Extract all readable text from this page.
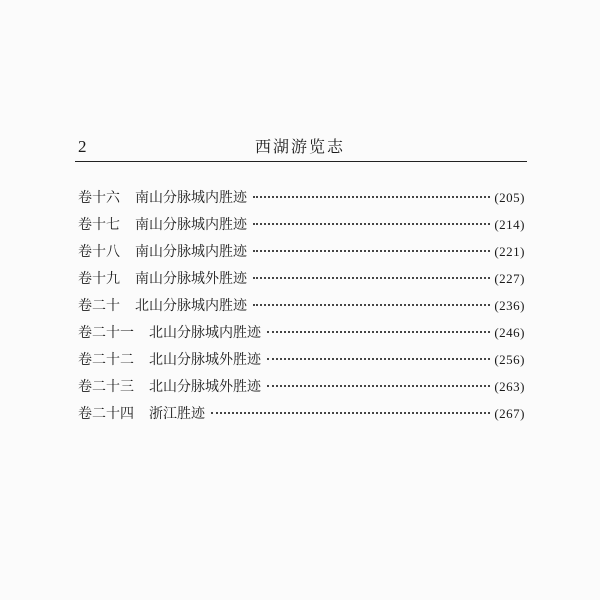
2	西湖游览志
卷十六 南山分脉城内胜迹	(205)
卷十七 南山分脉城内胜迹	(214)
卷十八 南山分脉城内胜迹	(221)
卷十九 南山分脉城外胜迹	(227)
卷二十 北山分脉城内胜迹	(236)
卷二十一 北山分脉城内胜迹	(246)
卷二十二 北山分脉城外胜迹	(256)
卷二十三 北山分脉城外胜迹	(263)
卷二十四 浙江胜迹	(267)
